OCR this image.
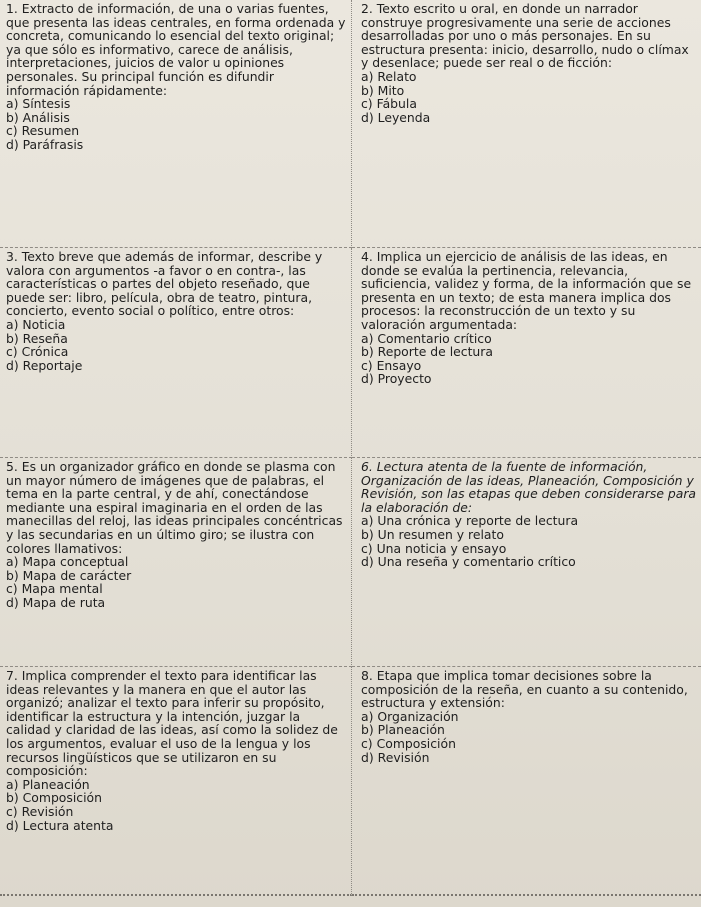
1. Extracto de información, de una o varias fuentes, que presenta las ideas centrales, en forma ordenada y concreta, comunicando lo esencial del texto original; ya que sólo es informativo, carece de análisis, interpretaciones, juicios de valor u opiniones personales. Su principal función es difundir información rápidamente:

a) Síntesis

b) Análisis

c) Resumen

d) Paráfrasis

2. Texto escrito u oral, en donde un narrador construye progresivamente una serie de acciones desarrolladas por uno o más personajes. En su estructura presenta: inicio, desarrollo, nudo o clímax y desenlace; puede ser real o de ficción:

a) Relato

b) Mito

c) Fábula

d) Leyenda

3. Texto breve que además de informar, describe y valora con argumentos -a favor o en contra-, las características o partes del objeto reseñado, que puede ser: libro, película, obra de teatro, pintura, concierto, evento social o político, entre otros:

a) Noticia

b) Reseña

c) Crónica

d) Reportaje

4. Implica un ejercicio de análisis de las ideas, en donde se evalúa la pertinencia, relevancia, suficiencia, validez y forma, de la información que se presenta en un texto; de esta manera implica dos procesos: la reconstrucción de un texto y su valoración argumentada:

a) Comentario crítico

b) Reporte de lectura

c) Ensayo

d) Proyecto

5. Es un organizador gráfico en donde se plasma con un mayor número de imágenes que de palabras, el tema en la parte central, y de ahí, conectándose mediante una espiral imaginaria en el orden de las manecillas del reloj, las ideas principales concéntricas y las secundarias en un último giro; se ilustra con colores llamativos:

a) Mapa conceptual

b) Mapa de carácter

c) Mapa mental

d) Mapa de ruta

6. Lectura atenta de la fuente de información, Organización de las ideas, Planeación, Composición y Revisión, son las etapas que deben considerarse para la elaboración de:

a) Una crónica y reporte de lectura

b) Un resumen y relato

c) Una noticia y ensayo

d) Una reseña y comentario crítico

7. Implica comprender el texto para identificar las ideas relevantes y la manera en que el autor las organizó; analizar el texto para inferir su propósito, identificar la estructura y la intención, juzgar la calidad y claridad de las ideas, así como la solidez de los argumentos, evaluar el uso de la lengua y los recursos lingüísticos que se utilizaron en su composición:

a) Planeación

b) Composición

c) Revisión

d) Lectura atenta

8. Etapa que implica tomar decisiones sobre la composición de la reseña, en cuanto a su contenido, estructura y extensión:

a) Organización

b) Planeación

c) Composición

d) Revisión
